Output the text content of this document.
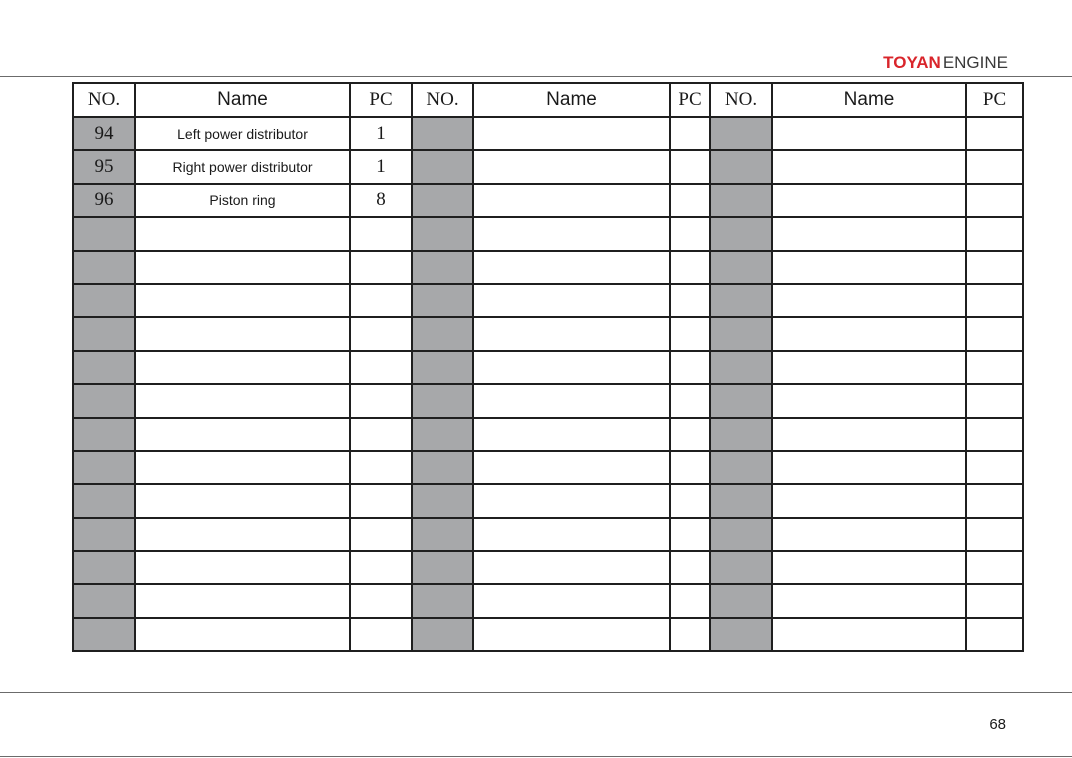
TOYAN ENGINE
NO.	Name	PC	NO.	Name	PC	NO.	Name	PC
94	Left power distributor	1						
95	Right power distributor	1						
96	Piston ring	8						

68
